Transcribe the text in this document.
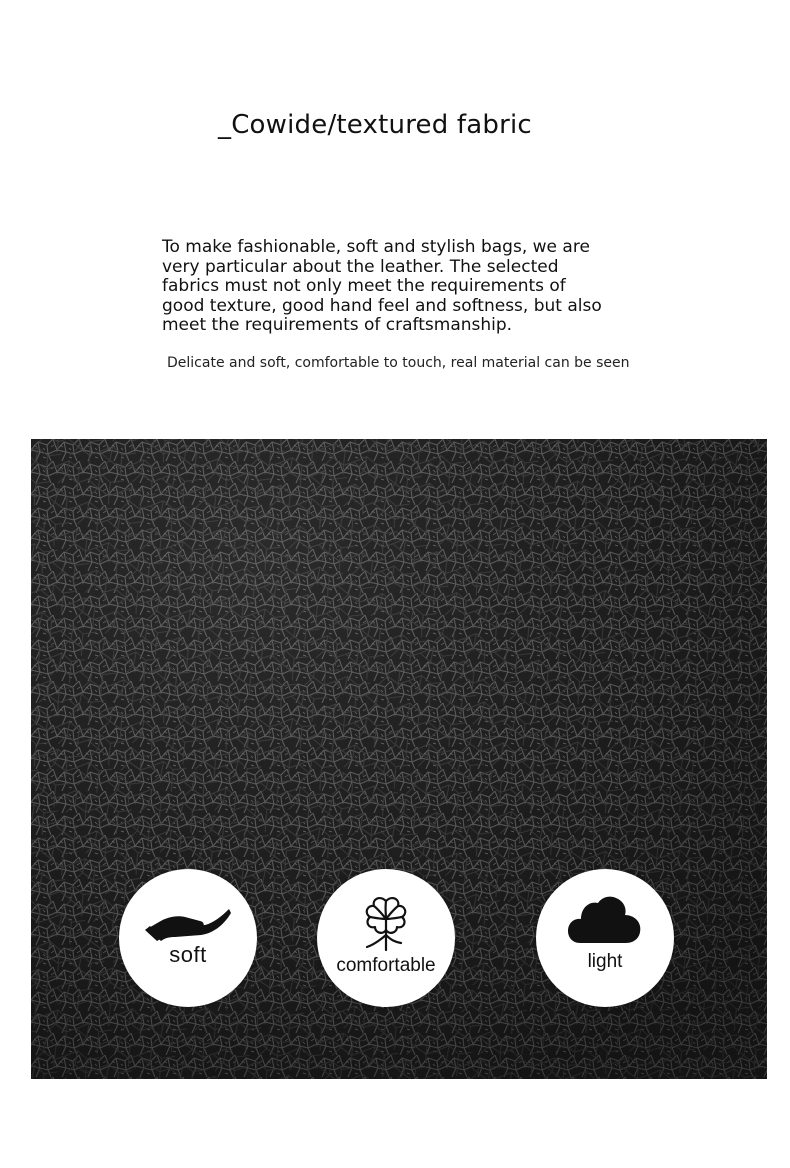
_Cowide/textured fabric
To make fashionable, soft and stylish bags, we are
very particular about the leather. The selected
fabrics must not only meet the requirements of
good texture, good hand feel and softness, but also
meet the requirements of craftsmanship.
Delicate and soft, comfortable to touch, real material can be seen
soft	comfortable	light
